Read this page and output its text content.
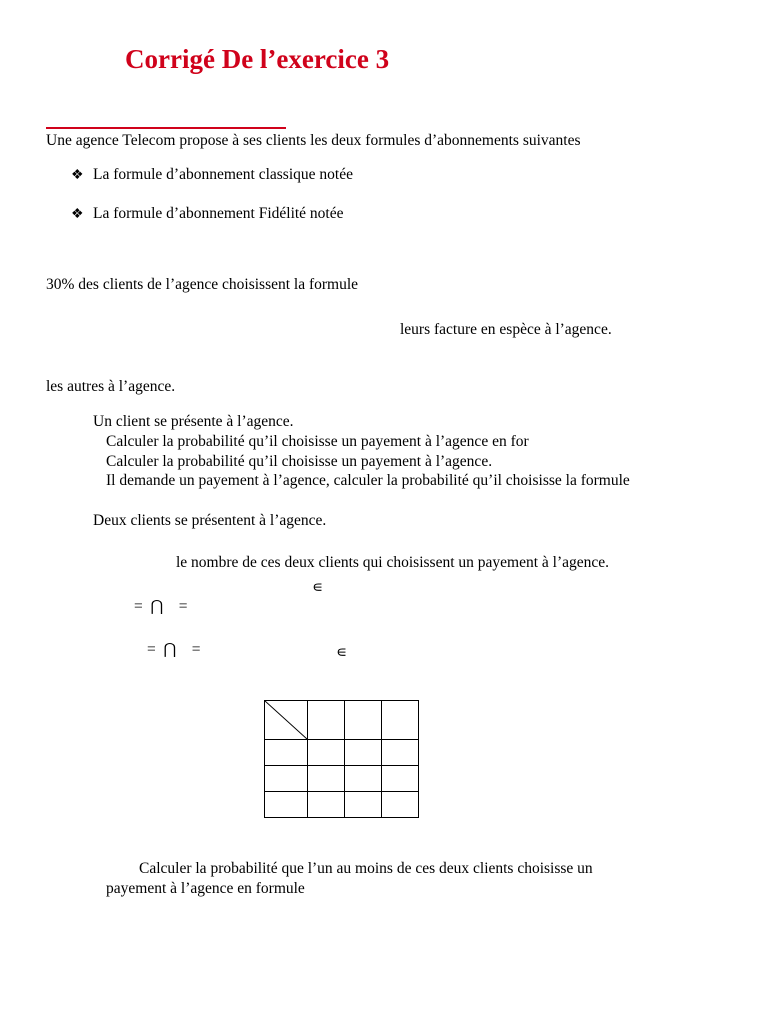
Corrigé De l’exercice 3
Une agence Telecom propose à ses clients les deux formules d’abonnements suivantes
❖ La formule d’abonnement classique notée
❖ La formule d’abonnement Fidélité notée
30% des clients de l’agence choisissent la formule
leurs facture en espèce à l’agence.
les autres à l’agence.
Un client se présente à l’agence.
Calculer la probabilité qu’il choisisse un payement à l’agence en for
Calculer la probabilité qu’il choisisse un payement à l’agence.
Il demande un payement à l’agence, calculer la probabilité qu’il choisisse la formule
Deux clients se présentent à l’agence.
le nombre de ces deux clients qui choisissent un payement à l’agence.
∊
=  ⋂    =
=  ⋂    =	∊

Calculer la probabilité que l’un au moins de ces deux clients choisisse un
payement à l’agence en formule
